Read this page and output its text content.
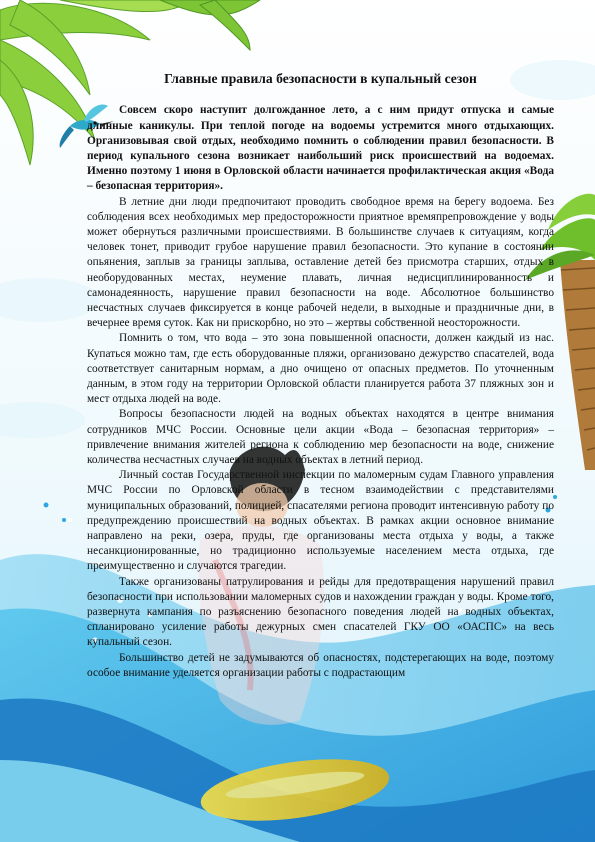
Главные правила безопасности в купальный сезон

Совсем скоро наступит долгожданное лето, а с ним придут отпуска и самые длинные каникулы. При теплой погоде на водоемы устремится много отдыхающих. Организовывая свой отдых, необходимо помнить о соблюдении правил безопасности. В период купального сезона возникает наибольший риск происшествий на водоемах. Именно поэтому 1 июня в Орловской области начинается профилактическая акция «Вода – безопасная территория».

В летние дни люди предпочитают проводить свободное время на берегу водоема. Без соблюдения всех необходимых мер предосторожности приятное времяпрепровождение у воды может обернуться различными происшествиями. В большинстве случаев к ситуациям, когда человек тонет, приводит грубое нарушение правил безопасности. Это купание в состоянии опьянения, заплыв за границы заплыва, оставление детей без присмотра старших, отдых в необорудованных местах, неумение плавать, личная недисциплинированность и самонадеянность, нарушение правил безопасности на воде. Абсолютное большинство несчастных случаев фиксируется в конце рабочей недели, в выходные и праздничные дни, в вечернее время суток. Как ни прискорбно, но это – жертвы собственной неосторожности.

Помнить о том, что вода – это зона повышенной опасности, должен каждый из нас. Купаться можно там, где есть оборудованные пляжи, организовано дежурство спасателей, вода соответствует санитарным нормам, а дно очищено от опасных предметов. По уточненным данным, в этом году на территории Орловской области планируется работа 37 пляжных зон и мест отдыха людей на воде.

Вопросы безопасности людей на водных объектах находятся в центре внимания сотрудников МЧС России. Основные цели акции «Вода – безопасная территория» – привлечение внимания жителей региона к соблюдению мер безопасности на воде, снижение количества несчастных случаев на водных объектах в летний период.

Личный состав Государственной инспекции по маломерным судам Главного управления МЧС России по Орловской области в тесном взаимодействии с представителями муниципальных образований, полицией, спасателями региона проводит интенсивную работу по предупреждению происшествий на водных объектах. В рамках акции основное внимание направлено на реки, озера, пруды, где организованы места отдыха у воды, а также несанкционированные, но традиционно используемые населением места отдыха, где преимущественно и случаются трагедии.

Также организованы патрулирования и рейды для предотвращения нарушений правил безопасности при использовании маломерных судов и нахождении граждан у воды. Кроме того, развернута кампания по разъяснению безопасного поведения людей на водных объектах, спланировано усиление работы дежурных смен спасателей ГКУ ОО «ОАСПС» на весь купальный сезон.

Большинство детей не задумываются об опасностях, подстерегающих на воде, поэтому особое внимание уделяется организации работы с подрастающим
